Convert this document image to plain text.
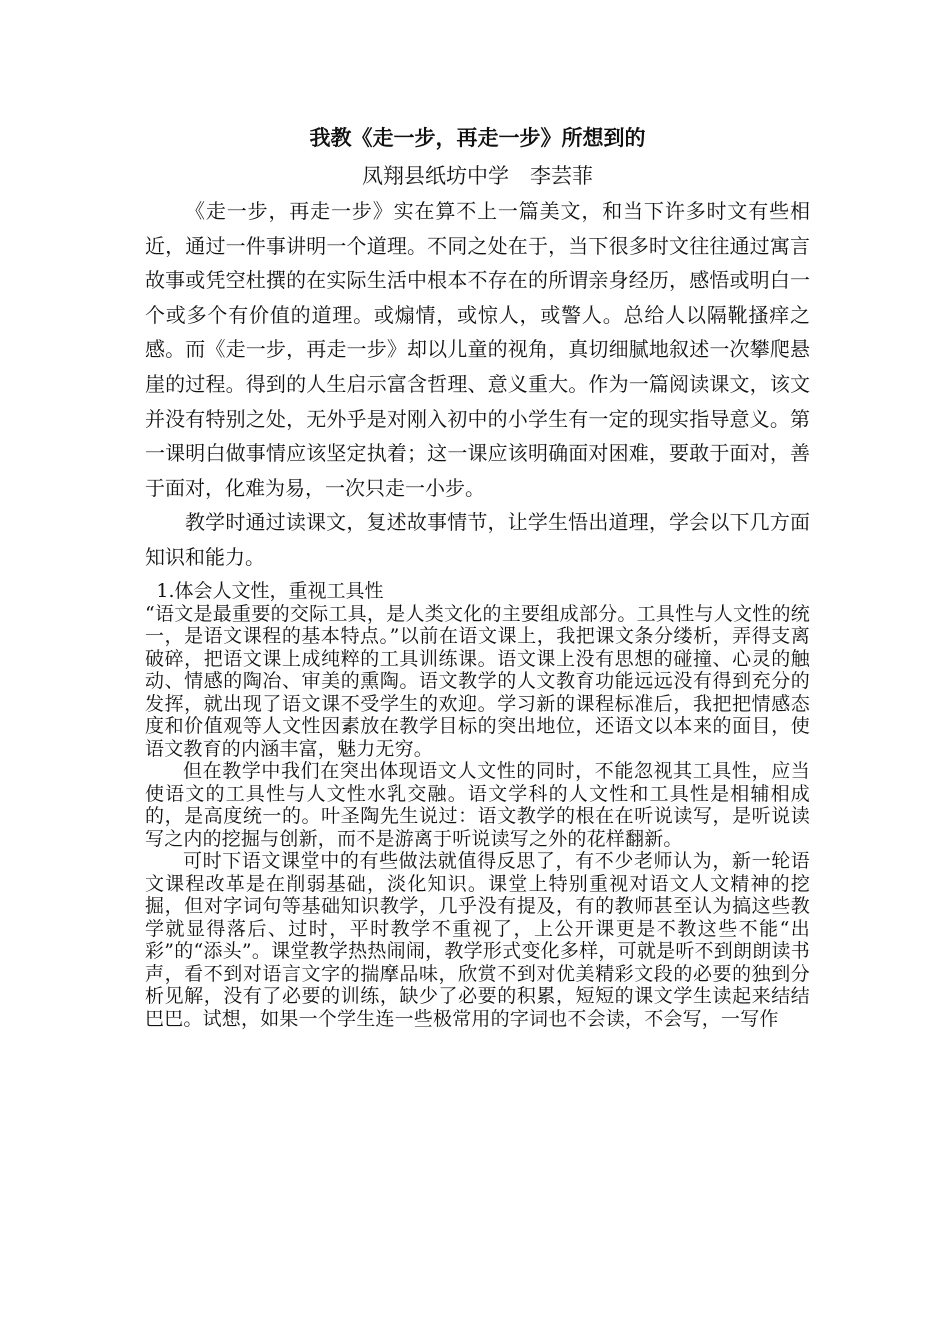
我教《走一步，再走一步》所想到的
凤翔县纸坊中学　李芸菲

《走一步，再走一步》实在算不上一篇美文，和当下许多时文有些相近，通过一件事讲明一个道理。不同之处在于，当下很多时文往往通过寓言故事或凭空杜撰的在实际生活中根本不存在的所谓亲身经历，感悟或明白一个或多个有价值的道理。或煽情，或惊人，或警人。总给人以隔靴搔痒之感。而《走一步，再走一步》却以儿童的视角，真切细腻地叙述一次攀爬悬崖的过程。得到的人生启示富含哲理、意义重大。作为一篇阅读课文，该文并没有特别之处，无外乎是对刚入初中的小学生有一定的现实指导意义。第一课明白做事情应该坚定执着；这一课应该明确面对困难，要敢于面对，善于面对，化难为易，一次只走一小步。

教学时通过读课文，复述故事情节，让学生悟出道理，学会以下几方面知识和能力。

1.体会人文性，重视工具性

“语文是最重要的交际工具，是人类文化的主要组成部分。工具性与人文性的统一，是语文课程的基本特点。”以前在语文课上，我把课文条分缕析，弄得支离破碎，把语文课上成纯粹的工具训练课。语文课上没有思想的碰撞、心灵的触动、情感的陶冶、审美的熏陶。语文教学的人文教育功能远远没有得到充分的发挥，就出现了语文课不受学生的欢迎。学习新的课程标准后，我把把情感态度和价值观等人文性因素放在教学目标的突出地位，还语文以本来的面目，使语文教育的内涵丰富，魅力无穷。

但在教学中我们在突出体现语文人文性的同时，不能忽视其工具性，应当使语文的工具性与人文性水乳交融。语文学科的人文性和工具性是相辅相成的，是高度统一的。叶圣陶先生说过：语文教学的根在在听说读写，是听说读写之内的挖掘与创新，而不是游离于听说读写之外的花样翻新。

可时下语文课堂中的有些做法就值得反思了，有不少老师认为，新一轮语文课程改革是在削弱基础，淡化知识。课堂上特别重视对语文人文精神的挖掘，但对字词句等基础知识教学，几乎没有提及，有的教师甚至认为搞这些教学就显得落后、过时，平时教学不重视了，上公开课更是不教这些不能“出彩”的“添头”。课堂教学热热闹闹，教学形式变化多样，可就是听不到朗朗读书声，看不到对语言文字的揣摩品味，欣赏不到对优美精彩文段的必要的独到分析见解，没有了必要的训练，缺少了必要的积累，短短的课文学生读起来结结巴巴。试想，如果一个学生连一些极常用的字词也不会读，不会写，一写作
